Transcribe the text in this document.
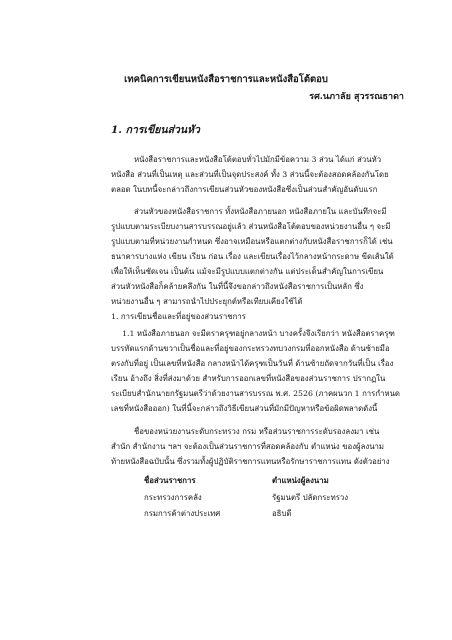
เทคนิคการเขียนหนังสือราชการและหนังสือโต้ตอบ
รศ.นภาลัย สุวรรณธาดา
1. การเขียนส่วนหัว
หนังสือราชการและหนังสือโต้ตอบทั่วไปมักมีข้อความ 3 ส่วน ได้แก่ ส่วนหัว
หนังสือ ส่วนที่เป็นเหตุ และส่วนที่เป็นจุดประสงค์ ทั้ง 3 ส่วนนี้จะต้องสอดคล้องกันโดย
ตลอด ในบทนี้จะกล่าวถึงการเขียนส่วนหัวของหนังสือซึ่งเป็นส่วนสำคัญอันดับแรก
ส่วนหัวของหนังสือราชการ ทั้งหนังสือภายนอก หนังสือภายใน และบันทึกจะมี
รูปแบบตามระเบียบงานสารบรรณอยู่แล้ว ส่วนหนังสือโต้ตอบของหน่วยงานอื่น ๆ จะมี
รูปแบบตามที่หน่วยงานกำหนด ซึ่งอาจเหมือนหรือแตกต่างกับหนังสือราชการก็ได้ เช่น
ธนาคารบางแห่ง เขียน เรียน ก่อน เรื่อง และเขียนเรื่องไว้กลางหน้ากระดาษ ขีดเส้นใต้
เพื่อให้เห็นชัดเจน เป็นต้น แม้จะมีรูปแบบแตกต่างกัน แต่ประเด็นสำคัญในการเขียน
ส่วนหัวหนังสือก็คล้ายคลึงกัน ในที่นี้จึงขอกล่าวถึงหนังสือราชการเป็นหลัก ซึ่ง
หน่วยงานอื่น ๆ สามารถนำไปประยุกต์หรือเทียบเคียงใช้ได้
1. การเขียนชื่อและที่อยู่ของส่วนราชการ
1.1 หนังสือภายนอก จะมีตราครุฑอยู่กลางหน้า บางครั้งจึงเรียกว่า หนังสือตราครุฑ
บรรทัดแรกด้านขวาเป็นชื่อและที่อยู่ของกระทรวงทบวงกรมที่ออกหนังสือ ด้านซ้ายมือ
ตรงกับที่อยู่ เป็นเลขที่หนังสือ กลางหน้าได้ครุฑเป็นวันที่ ด้านซ้ายถัดจากวันที่เป็น เรื่อง
เรียน อ้างถึง สิ่งที่ส่งมาด้วย สำหรับการออกเลขที่หนังสือของส่วนราชการ ปรากฏใน
ระเบียบสำนักนายกรัฐมนตรีว่าด้วยงานสารบรรณ พ.ศ. 2526 (ภาคผนวก 1 การกำหนด
เลขที่หนังสือออก) ในที่นี้จะกล่าวถึงวิธีเขียนส่วนที่มักมีปัญหาหรือข้อผิดพลาดดังนี้
ชื่อของหน่วยงานระดับกระทรวง กรม หรือส่วนราชการระดับรองลงมา เช่น
สำนัก สำนักงาน ฯลฯ จะต้องเป็นส่วนราชการที่สอดคล้องกับ ตำแหน่ง ของผู้ลงนาม
ท้ายหนังสือฉบับนั้น ซึ่งรวมทั้งผู้ปฏิบัติราชการแทนหรือรักษาราชการแทน ดังตัวอย่าง
ชื่อส่วนราชการ	ตำแหน่งผู้ลงนาม
กระทรวงการคลัง	รัฐมนตรี ปลัดกระทรวง
กรมการค้าต่างประเทศ	อธิบดี
